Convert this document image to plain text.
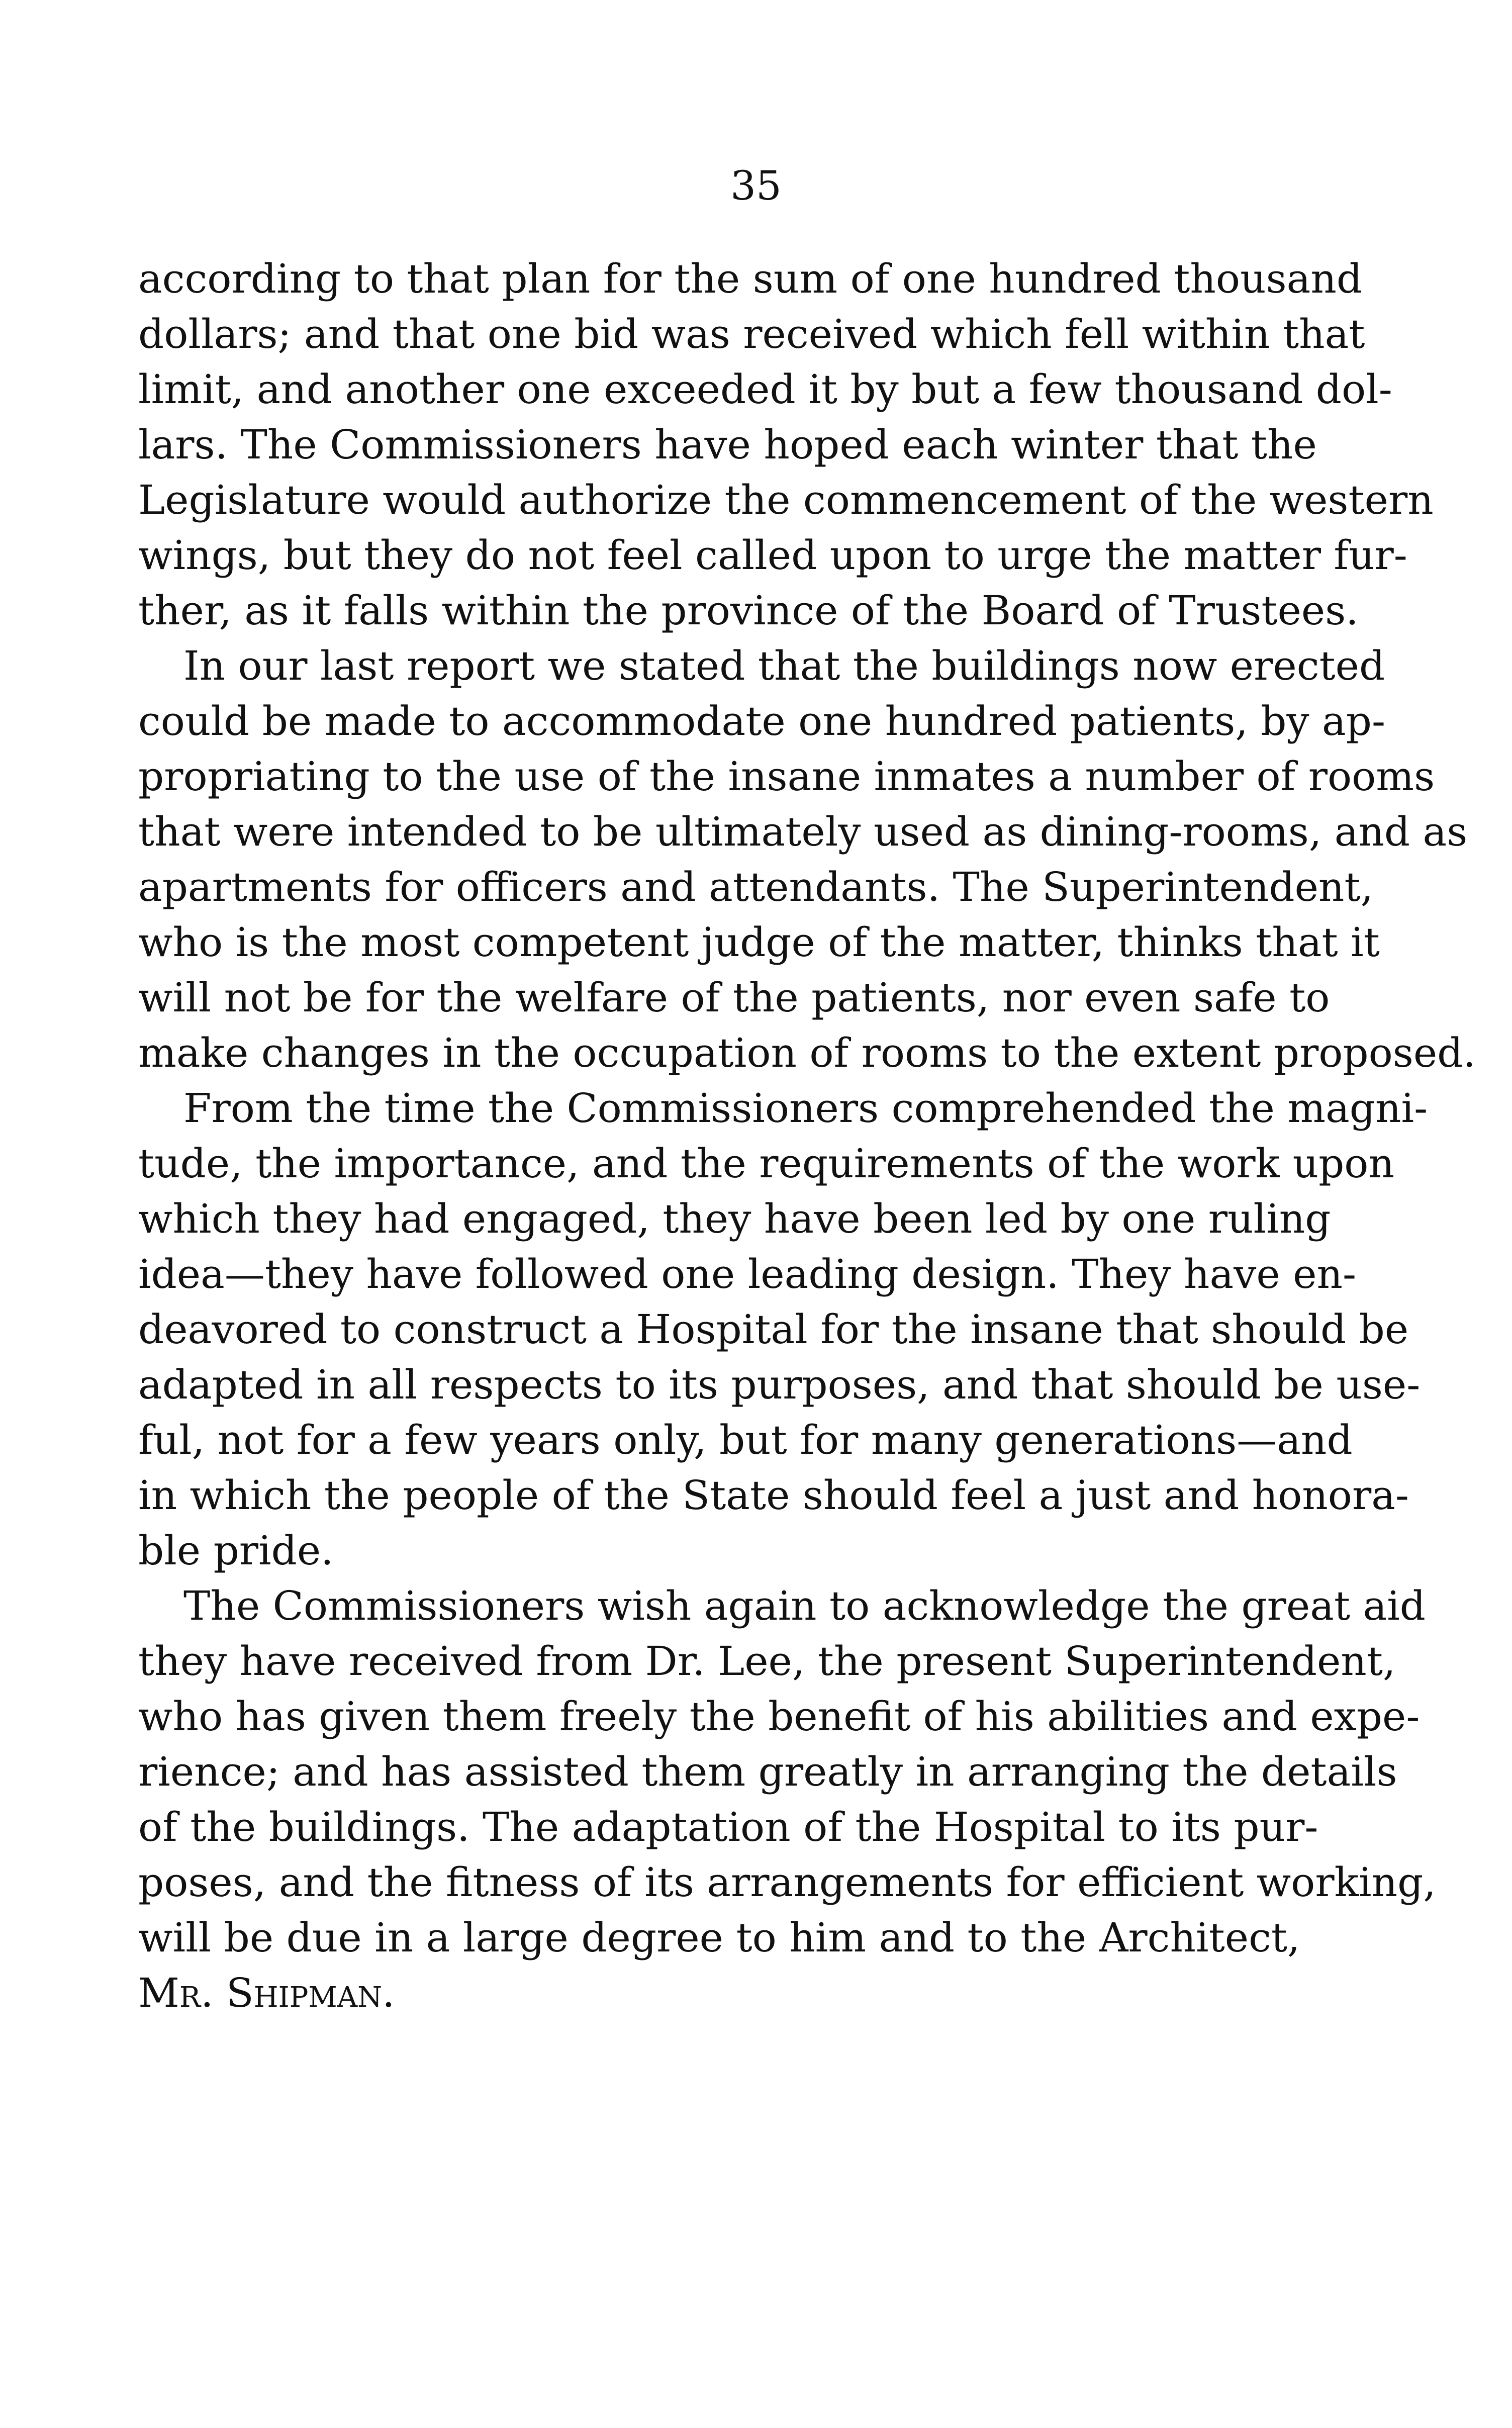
35
according to that plan for the sum of one hundred thousand
dollars; and that one bid was received which fell within that
limit, and another one exceeded it by but a few thousand dol-
lars. The Commissioners have hoped each winter that the
Legislature would authorize the commencement of the western
wings, but they do not feel called upon to urge the matter fur-
ther, as it falls within the province of the Board of Trustees.
In our last report we stated that the buildings now erected
could be made to accommodate one hundred patients, by ap-
propriating to the use of the insane inmates a number of rooms
that were intended to be ultimately used as dining-rooms, and as
apartments for officers and attendants. The Superintendent,
who is the most competent judge of the matter, thinks that it
will not be for the welfare of the patients, nor even safe to
make changes in the occupation of rooms to the extent proposed.
From the time the Commissioners comprehended the magni-
tude, the importance, and the requirements of the work upon
which they had engaged, they have been led by one ruling
idea—they have followed one leading design. They have en-
deavored to construct a Hospital for the insane that should be
adapted in all respects to its purposes, and that should be use-
ful, not for a few years only, but for many generations—and
in which the people of the State should feel a just and honora-
ble pride.
The Commissioners wish again to acknowledge the great aid
they have received from Dr. Lee, the present Superintendent,
who has given them freely the benefit of his abilities and expe-
rience; and has assisted them greatly in arranging the details
of the buildings. The adaptation of the Hospital to its pur-
poses, and the fitness of its arrangements for efficient working,
will be due in a large degree to him and to the Architect,
Mr. Shipman.
